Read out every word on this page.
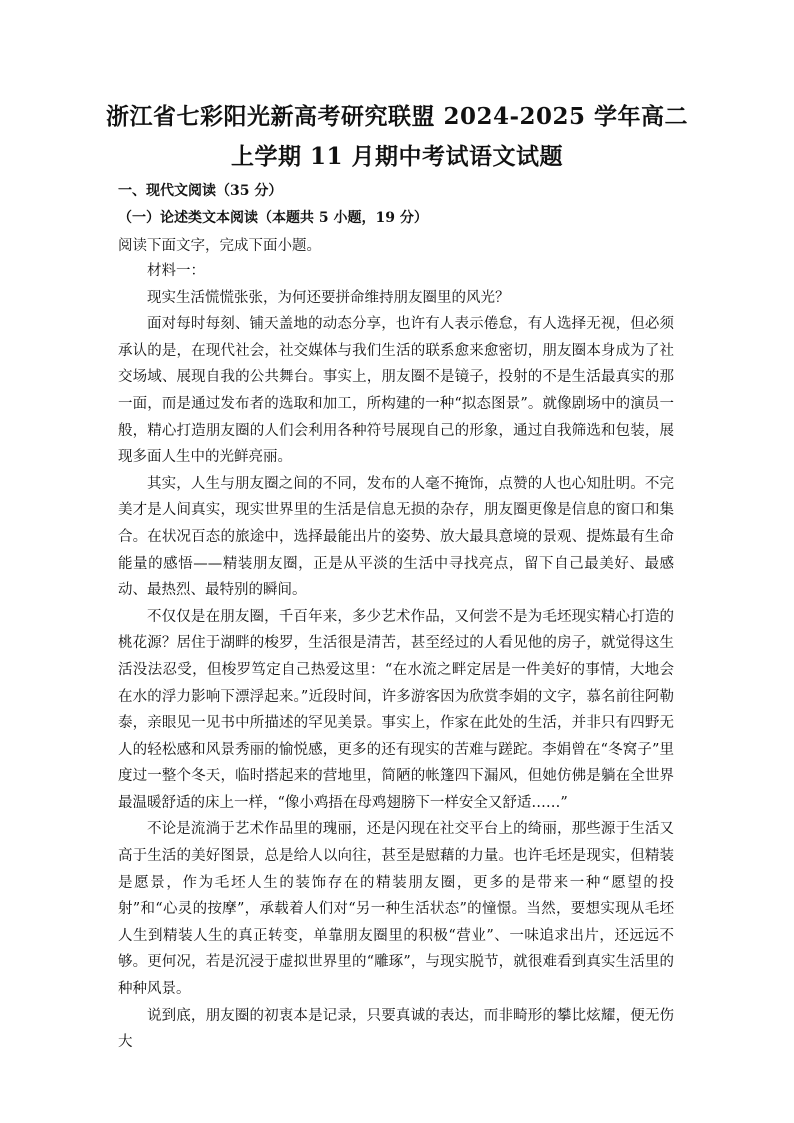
浙江省七彩阳光新高考研究联盟 2024-2025 学年高二
上学期 11 月期中考试语文试题
一、现代文阅读（35 分）
（一）论述类文本阅读（本题共 5 小题，19 分）
阅读下面文字，完成下面小题。

材料一：

现实生活慌慌张张，为何还要拼命维持朋友圈里的风光？

面对每时每刻、铺天盖地的动态分享，也许有人表示倦怠，有人选择无视，但必须承认的是，在现代社会，社交媒体与我们生活的联系愈来愈密切，朋友圈本身成为了社交场域、展现自我的公共舞台。事实上，朋友圈不是镜子，投射的不是生活最真实的那一面，而是通过发布者的选取和加工，所构建的一种“拟态图景”。就像剧场中的演员一般，精心打造朋友圈的人们会利用各种符号展现自己的形象，通过自我筛选和包装，展现多面人生中的光鲜亮丽。

其实，人生与朋友圈之间的不同，发布的人毫不掩饰，点赞的人也心知肚明。不完美才是人间真实，现实世界里的生活是信息无损的杂存，朋友圈更像是信息的窗口和集合。在状况百态的旅途中，选择最能出片的姿势、放大最具意境的景观、提炼最有生命能量的感悟——精装朋友圈，正是从平淡的生活中寻找亮点，留下自己最美好、最感动、最热烈、最特别的瞬间。

不仅仅是在朋友圈，千百年来，多少艺术作品，又何尝不是为毛坯现实精心打造的桃花源？居住于湖畔的梭罗，生活很是清苦，甚至经过的人看见他的房子，就觉得这生活没法忍受，但梭罗笃定自己热爱这里：“在水流之畔定居是一件美好的事情，大地会在水的浮力影响下漂浮起来。”近段时间，许多游客因为欣赏李娟的文字，慕名前往阿勒泰，亲眼见一见书中所描述的罕见美景。事实上，作家在此处的生活，并非只有四野无人的轻松感和风景秀丽的愉悦感，更多的还有现实的苦难与蹉跎。李娟曾在“冬窝子”里度过一整个冬天，临时搭起来的营地里，简陋的帐篷四下漏风，但她仿佛是躺在全世界最温暖舒适的床上一样，“像小鸡捂在母鸡翅膀下一样安全又舒适……”

不论是流淌于艺术作品里的瑰丽，还是闪现在社交平台上的绮丽，那些源于生活又高于生活的美好图景，总是给人以向往，甚至是慰藉的力量。也许毛坯是现实，但精装是愿景，作为毛坯人生的装饰存在的精装朋友圈，更多的是带来一种“愿望的投射”和“心灵的按摩”，承载着人们对“另一种生活状态”的憧憬。当然，要想实现从毛坯人生到精装人生的真正转变，单靠朋友圈里的积极“营业”、一味追求出片，还远远不够。更何况，若是沉浸于虚拟世界里的“雕琢”，与现实脱节，就很难看到真实生活里的种种风景。

说到底，朋友圈的初衷本是记录，只要真诚的表达，而非畸形的攀比炫耀，便无伤大
